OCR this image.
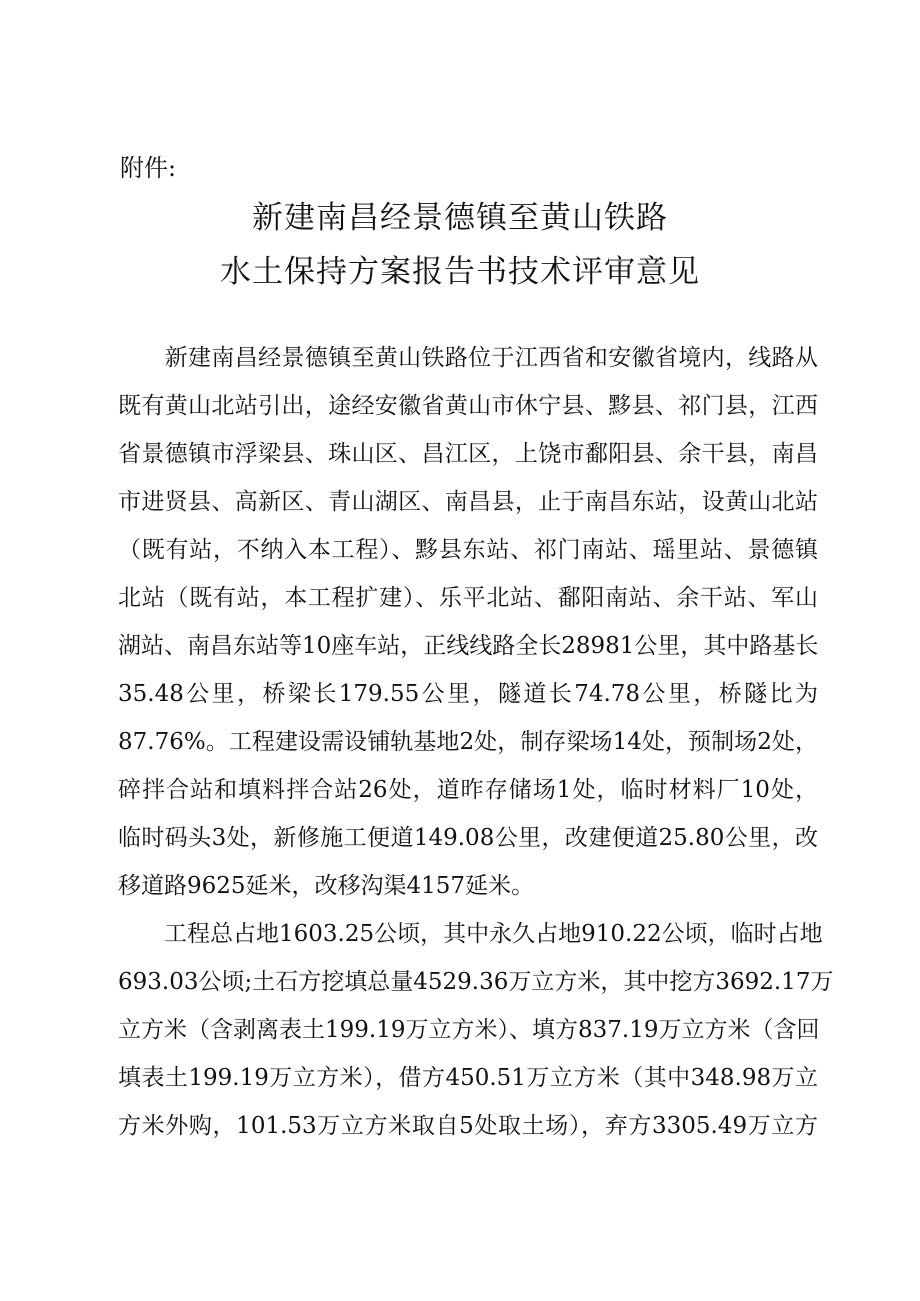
附件:
新建南昌经景德镇至黄山铁路
水土保持方案报告书技术评审意见
　　新建南昌经景德镇至黄山铁路位于江西省和安徽省境内，线路从
既有黄山北站引出，途经安徽省黄山市休宁县、黟县、祁门县，江西
省景德镇市浮梁县、珠山区、昌江区，上饶市鄱阳县、余干县，南昌
市进贤县、高新区、青山湖区、南昌县，止于南昌东站，设黄山北站
（既有站，不纳入本工程）、黟县东站、祁门南站、瑶里站、景德镇
北站（既有站，本工程扩建）、乐平北站、鄱阳南站、余干站、军山
湖站、南昌东站等10座车站，正线线路全长28981公里，其中路基长
35.48公里，桥梁长179.55公里，隧道长74.78公里，桥隧比为
87.76%。工程建设需设铺轨基地2处，制存梁场14处，预制场2处，
碎拌合站和填料拌合站26处，道昨存储场1处，临时材料厂10处，
临时码头3处，新修施工便道149.08公里，改建便道25.80公里，改
移道路9625延米，改移沟渠4157延米。
　　工程总占地1603.25公顷，其中永久占地910.22公顷，临时占地
693.03公顷;土石方挖填总量4529.36万立方米，其中挖方3692.17万
立方米（含剥离表土199.19万立方米）、填方837.19万立方米（含回
填表土199.19万立方米），借方450.51万立方米（其中348.98万立
方米外购，101.53万立方米取自5处取土场），弃方3305.49万立方
